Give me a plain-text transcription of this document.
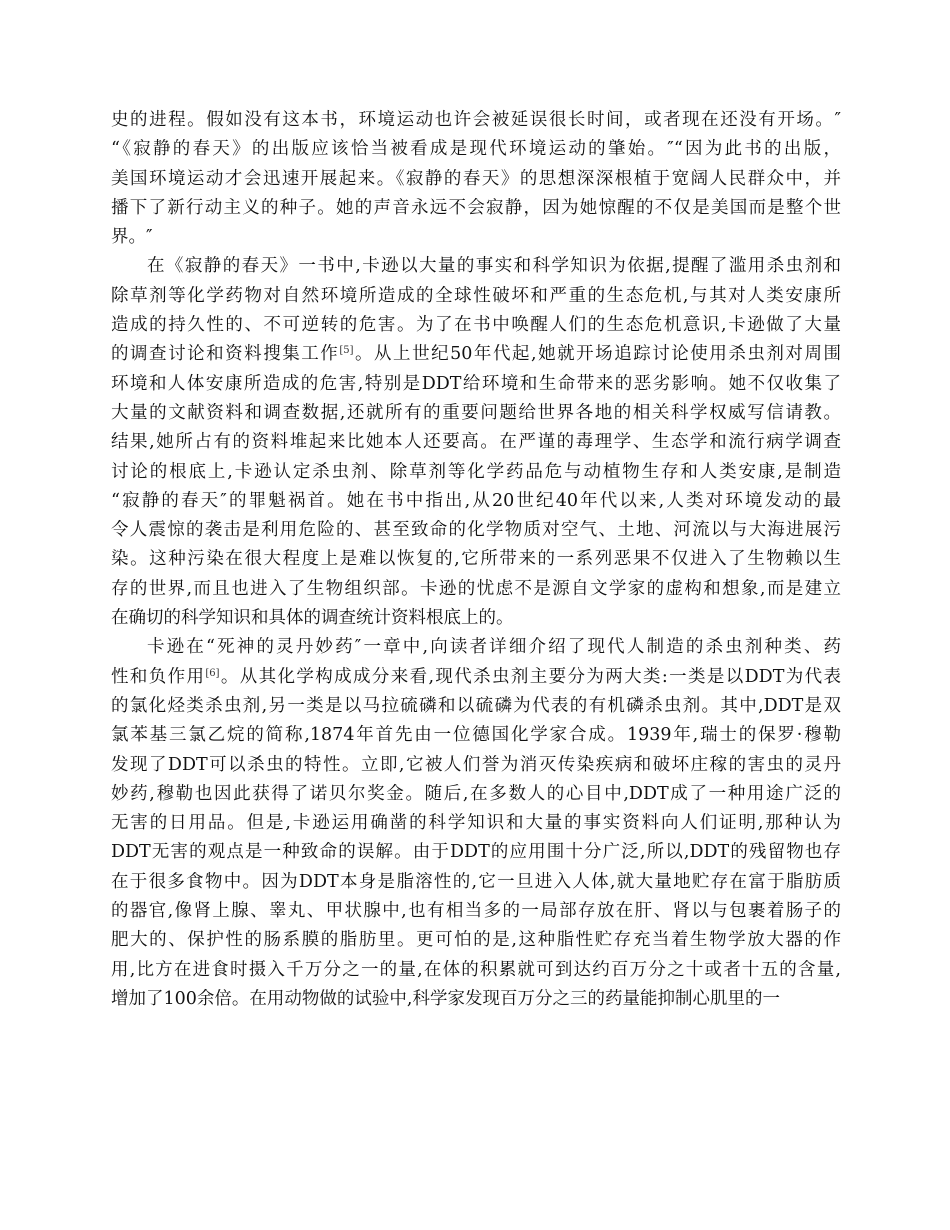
史的进程。假如没有这本书，环境运动也许会被延误很长时间，或者现在还没有开场。″
“《寂静的春天》的出版应该恰当被看成是现代环境运动的肇始。″“因为此书的出版，
美国环境运动才会迅速开展起来。《寂静的春天》的思想深深根植于宽阔人民群众中，并
播下了新行动主义的种子。她的声音永远不会寂静，因为她惊醒的不仅是美国而是整个世
界。″
在《寂静的春天》一书中,卡逊以大量的事实和科学知识为依据,提醒了滥用杀虫剂和
除草剂等化学药物对自然环境所造成的全球性破坏和严重的生态危机,与其对人类安康所
造成的持久性的、不可逆转的危害。为了在书中唤醒人们的生态危机意识,卡逊做了大量
的调查讨论和资料搜集工作[5]。从上世纪50年代起,她就开场追踪讨论使用杀虫剂对周围
环境和人体安康所造成的危害,特别是DDT给环境和生命带来的恶劣影响。她不仅收集了
大量的文献资料和调查数据,还就所有的重要问题给世界各地的相关科学权威写信请教。
结果,她所占有的资料堆起来比她本人还要高。在严谨的毒理学、生态学和流行病学调查
讨论的根底上,卡逊认定杀虫剂、除草剂等化学药品危与动植物生存和人类安康,是制造
“寂静的春天″的罪魁祸首。她在书中指出,从20世纪40年代以来,人类对环境发动的最
令人震惊的袭击是利用危险的、甚至致命的化学物质对空气、土地、河流以与大海进展污
染。这种污染在很大程度上是难以恢复的,它所带来的一系列恶果不仅进入了生物赖以生
存的世界,而且也进入了生物组织部。卡逊的忧虑不是源自文学家的虚构和想象,而是建立
在确切的科学知识和具体的调查统计资料根底上的。
卡逊在“死神的灵丹妙药″一章中,向读者详细介绍了现代人制造的杀虫剂种类、药
性和负作用[6]。从其化学构成成分来看,现代杀虫剂主要分为两大类:一类是以DDT为代表
的氯化烃类杀虫剂,另一类是以马拉硫磷和以硫磷为代表的有机磷杀虫剂。其中,DDT是双
氯苯基三氯乙烷的简称,1874年首先由一位德国化学家合成。1939年,瑞士的保罗·穆勒
发现了DDT可以杀虫的特性。立即,它被人们誉为消灭传染疾病和破坏庄稼的害虫的灵丹
妙药,穆勒也因此获得了诺贝尔奖金。随后,在多数人的心目中,DDT成了一种用途广泛的
无害的日用品。但是,卡逊运用确凿的科学知识和大量的事实资料向人们证明,那种认为
DDT无害的观点是一种致命的误解。由于DDT的应用围十分广泛,所以,DDT的残留物也存
在于很多食物中。因为DDT本身是脂溶性的,它一旦进入人体,就大量地贮存在富于脂肪质
的器官,像肾上腺、睾丸、甲状腺中,也有相当多的一局部存放在肝、肾以与包裹着肠子的
肥大的、保护性的肠系膜的脂肪里。更可怕的是,这种脂性贮存充当着生物学放大器的作
用,比方在进食时摄入千万分之一的量,在体的积累就可到达约百万分之十或者十五的含量,
增加了100余倍。在用动物做的试验中,科学家发现百万分之三的药量能抑制心肌里的一
